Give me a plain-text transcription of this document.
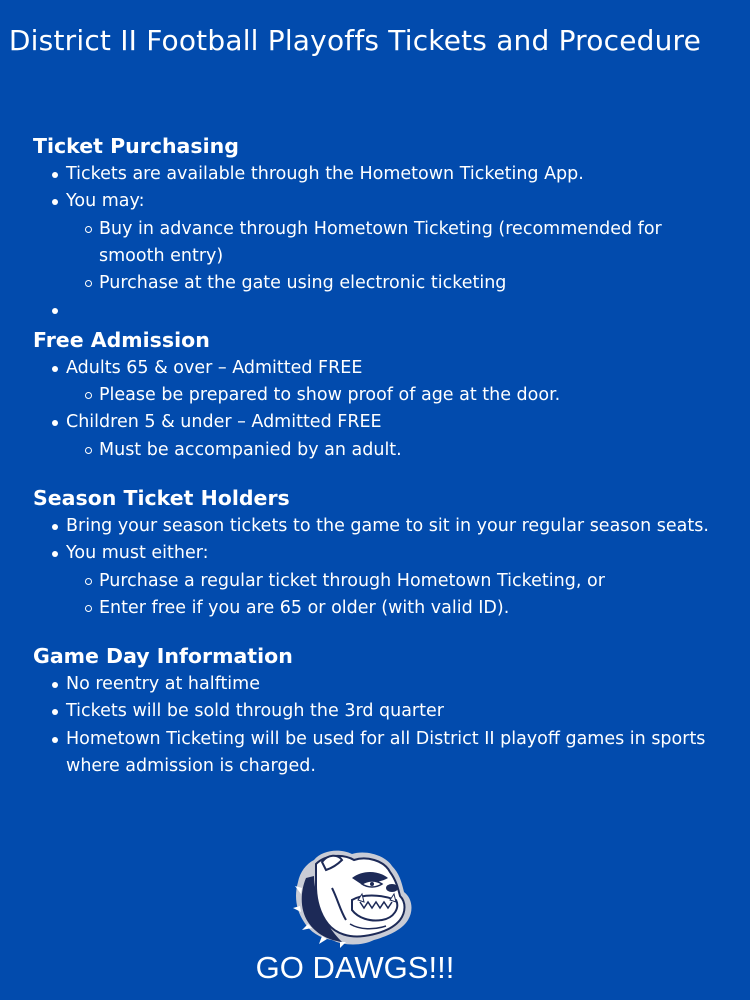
District II Football Playoffs Tickets and Procedure
Ticket Purchasing
Tickets are available through the Hometown Ticketing App.
You may:
Buy in advance through Hometown Ticketing (recommended for smooth entry)
Purchase at the gate using electronic ticketing

Free Admission
Adults 65 & over – Admitted FREE
Please be prepared to show proof of age at the door.
Children 5 & under – Admitted FREE
Must be accompanied by an adult.
Season Ticket Holders
Bring your season tickets to the game to sit in your regular season seats.
You must either:
Purchase a regular ticket through Hometown Ticketing, or
Enter free if you are 65 or older (with valid ID).
Game Day Information
No reentry at halftime
Tickets will be sold through the 3rd quarter
Hometown Ticketing will be used for all District II playoff games in sports where admission is charged.
GO DAWGS!!!
